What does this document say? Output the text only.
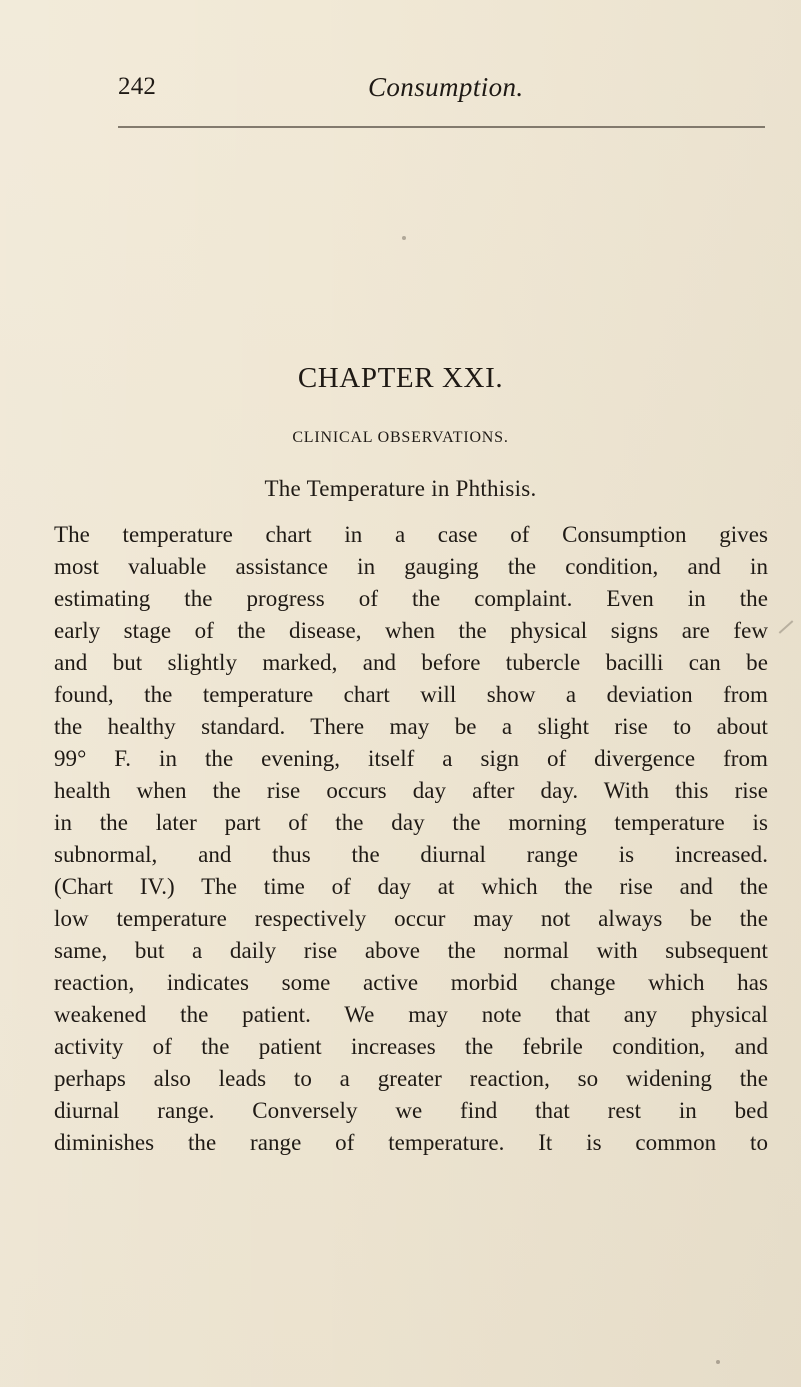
242	Consumption.
CHAPTER XXI.
CLINICAL OBSERVATIONS.
The Temperature in Phthisis.
The temperature chart in a case of Consumption gives
most valuable assistance in gauging the condition, and in
estimating the progress of the complaint. Even in the
early stage of the disease, when the physical signs are few
and but slightly marked, and before tubercle bacilli can be
found, the temperature chart will show a deviation from
the healthy standard. There may be a slight rise to about
99° F. in the evening, itself a sign of divergence from
health when the rise occurs day after day. With this rise
in the later part of the day the morning temperature is
subnormal, and thus the diurnal range is increased.
(Chart IV.) The time of day at which the rise and the
low temperature respectively occur may not always be the
same, but a daily rise above the normal with subsequent
reaction, indicates some active morbid change which has
weakened the patient. We may note that any physical
activity of the patient increases the febrile condition, and
perhaps also leads to a greater reaction, so widening the
diurnal range. Conversely we find that rest in bed
diminishes the range of temperature. It is common to
